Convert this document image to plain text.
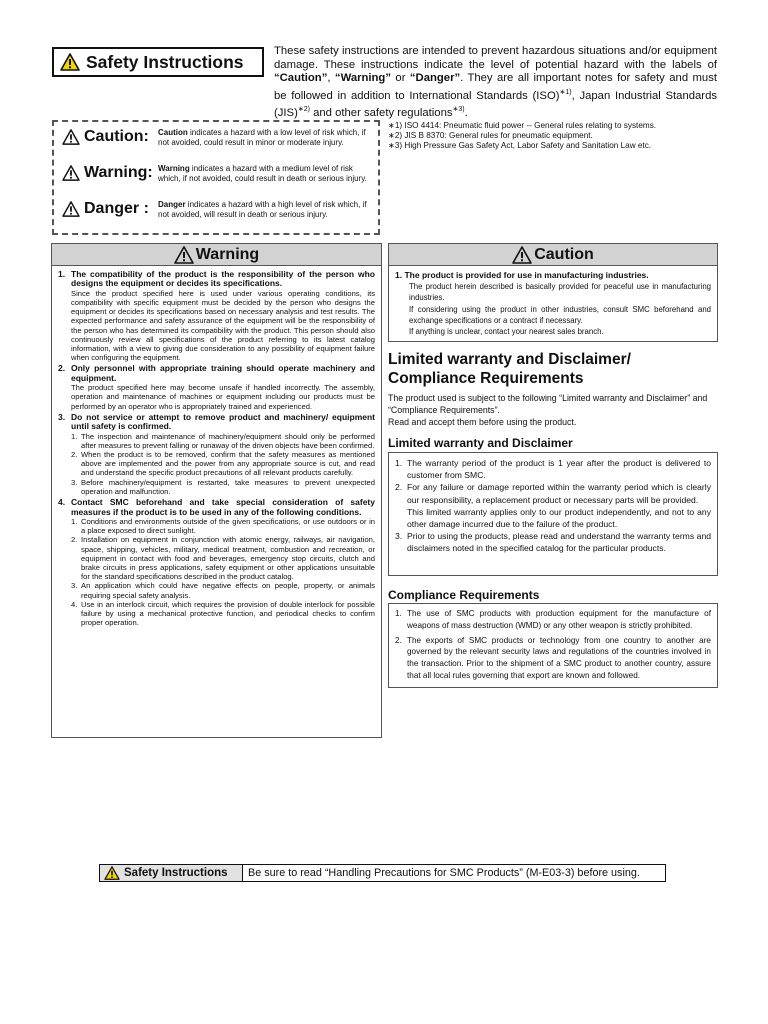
Safety Instructions
These safety instructions are intended to prevent hazardous situations and/or equipment damage. These instructions indicate the level of potential hazard with the labels of “Caution”, “Warning” or “Danger”. They are all important notes for safety and must be followed in addition to International Standards (ISO)$^{∗1)}$, Japan Industrial Standards (JIS)$^{∗2)}$ and other safety regulations$^{∗3)}$.
Caution: Caution indicates a hazard with a low level of risk which, if not avoided, could result in minor or moderate injury.
Warning: Warning indicates a hazard with a medium level of risk which, if not avoided, could result in death or serious injury.
Danger : Danger indicates a hazard with a high level of risk which, if not avoided, will result in death or serious injury.
∗1) ISO 4414: Pneumatic fluid power -- General rules relating to systems.
∗2) JIS B 8370: General rules for pneumatic equipment.
∗3) High Pressure Gas Safety Act, Labor Safety and Sanitation Law etc.
Warning
1. The compatibility of the product is the responsibility of the person who designs the equipment or decides its specifications.
Since the product specified here is used under various operating conditions, its compatibility with specific equipment must be decided by the person who designs the equipment or decides its specifications based on necessary analysis and test results. The expected performance and safety assurance of the equipment will be the responsibility of the person who has determined its compatibility with the product. This person should also continuously review all specifications of the product referring to its latest catalog information, with a view to giving due consideration to any possibility of equipment failure when configuring the equipment.
2. Only personnel with appropriate training should operate machinery and equipment.
The product specified here may become unsafe if handled incorrectly. The assembly, operation and maintenance of machines or equipment including our products must be performed by an operator who is appropriately trained and experienced.
3. Do not service or attempt to remove product and machinery/ equipment until safety is confirmed.
1. The inspection and maintenance of machinery/equipment should only be performed after measures to prevent falling or runaway of the driven objects have been confirmed.
2. When the product is to be removed, confirm that the safety measures as mentioned above are implemented and the power from any appropriate source is cut, and read and understand the specific product precautions of all relevant products carefully.
3. Before machinery/equipment is restarted, take measures to prevent unexpected operation and malfunction.
4. Contact SMC beforehand and take special consideration of safety measures if the product is to be used in any of the following conditions.
1. Conditions and environments outside of the given specifications, or use outdoors or in a place exposed to direct sunlight.
2. Installation on equipment in conjunction with atomic energy, railways, air navigation, space, shipping, vehicles, military, medical treatment, combustion and recreation, or equipment in contact with food and beverages, emergency stop circuits, clutch and brake circuits in press applications, safety equipment or other applications unsuitable for the standard specifications described in the product catalog.
3. An application which could have negative effects on people, property, or animals requiring special safety analysis.
4. Use in an interlock circuit, which requires the provision of double interlock for possible failure by using a mechanical protective function, and periodical checks to confirm proper operation.
Caution
1. The product is provided for use in manufacturing industries.
The product herein described is basically provided for peaceful use in manufacturing industries.
If considering using the product in other industries, consult SMC beforehand and exchange specifications or a contract if necessary.
If anything is unclear, contact your nearest sales branch.
Limited warranty and Disclaimer/
Compliance Requirements
The product used is subject to the following “Limited warranty and Disclaimer” and “Compliance Requirements”.
Read and accept them before using the product.
Limited warranty and Disclaimer
1. The warranty period of the product is 1 year after the product is delivered to customer from SMC.
2. For any failure or damage reported within the warranty period which is clearly our responsibility, a replacement product or necessary parts will be provided.
This limited warranty applies only to our product independently, and not to any other damage incurred due to the failure of the product.
3. Prior to using the products, please read and understand the warranty terms and disclaimers noted in the specified catalog for the particular products.
Compliance Requirements
1. The use of SMC products with production equipment for the manufacture of weapons of mass destruction (WMD) or any other weapon is strictly prohibited.
2. The exports of SMC products or technology from one country to another are governed by the relevant security laws and regulations of the countries involved in the transaction. Prior to the shipment of a SMC product to another country, assure that all local rules governing that export are known and followed.
Safety Instructions	Be sure to read “Handling Precautions for SMC Products” (M-E03-3) before using.
